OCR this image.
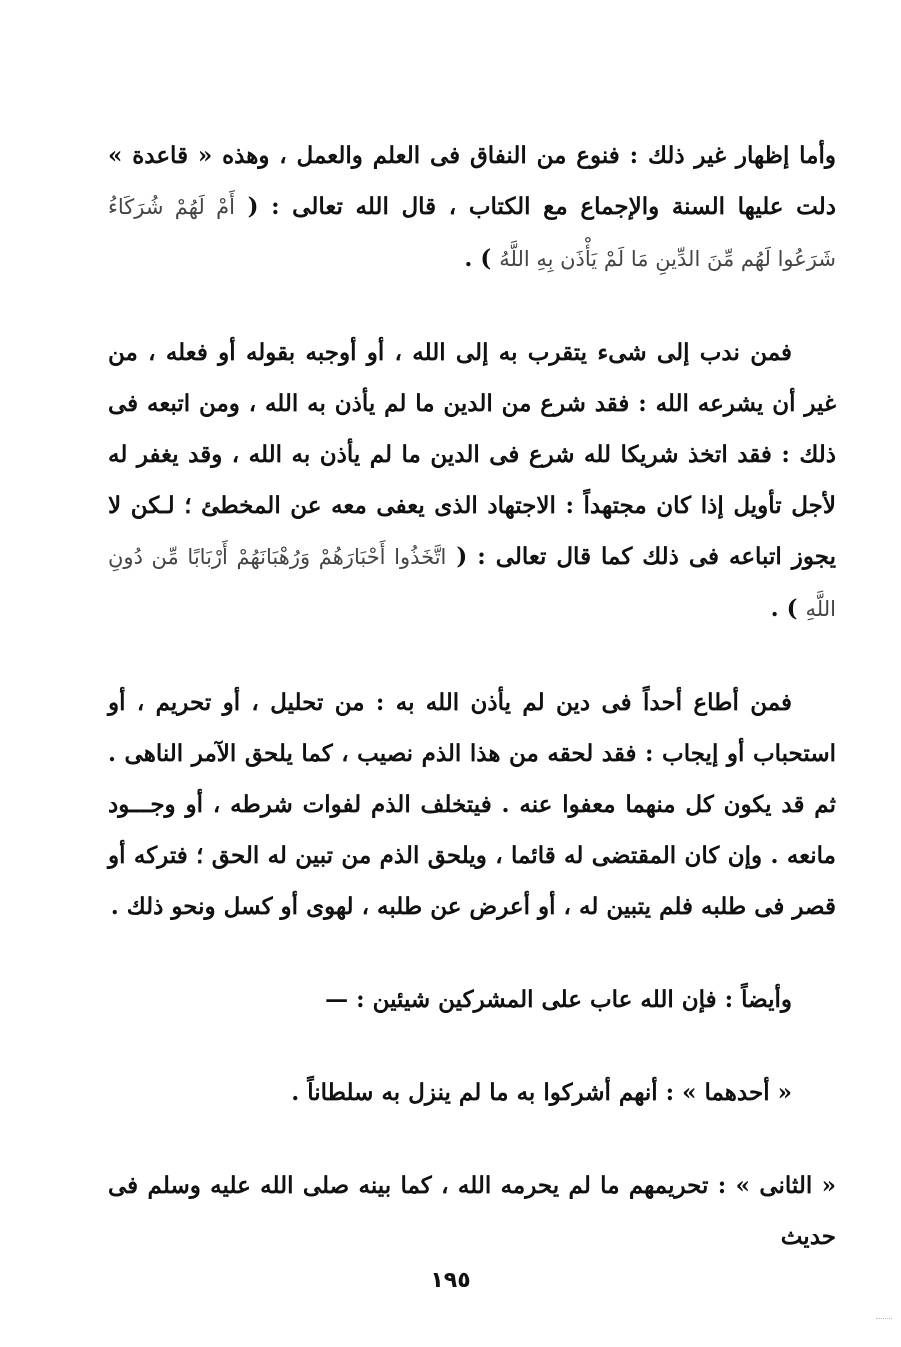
وأما إظهار غير ذلك : فنوع من النفاق فى العلم والعمل ، وهذه « قاعدة » دلت عليها السنة والإجماع مع الكتاب ، قال الله تعالى : ( أَمْ لَهُمْ شُرَكَاءُ شَرَعُوا لَهُم مِّنَ الدِّينِ مَا لَمْ يَأْذَن بِهِ اللَّهُ ) .

فمن ندب إلى شىء يتقرب به إلى الله ، أو أوجبه بقوله أو فعله ، من غير أن يشرعه الله : فقد شرع من الدين ما لم يأذن به الله ، ومن اتبعه فى ذلك : فقد اتخذ شريكا لله شرع فى الدين ما لم يأذن به الله ، وقد يغفر له لأجل تأويل إذا كان مجتهداً : الاجتهاد الذى يعفى معه عن المخطئ ؛ لـكن لا يجوز اتباعه فى ذلك كما قال تعالى : ( اتَّخَذُوا أَحْبَارَهُمْ وَرُهْبَانَهُمْ أَرْبَابًا مِّن دُونِ اللَّهِ ) .

فمن أطاع أحداً فى دين لم يأذن الله به : من تحليل ، أو تحريم ، أو استحباب أو إيجاب : فقد لحقه من هذا الذم نصيب ، كما يلحق الآمر الناهى . ثم قد يكون كل منهما معفوا عنه . فيتخلف الذم لفوات شرطه ، أو وجـــود مانعه . وإن كان المقتضى له قائما ، ويلحق الذم من تبين له الحق ؛ فتركه أو قصر فى طلبه فلم يتبين له ، أو أعرض عن طلبه ، لهوى أو كسل ونحو ذلك .

وأيضاً : فإن الله عاب على المشركين شيئين : —

« أحدهما » : أنهم أشركوا به ما لم ينزل به سلطاناً .

« الثانى » : تحريمهم ما لم يحرمه الله ، كما بينه صلى الله عليه وسلم فى حديث

١٩٥
